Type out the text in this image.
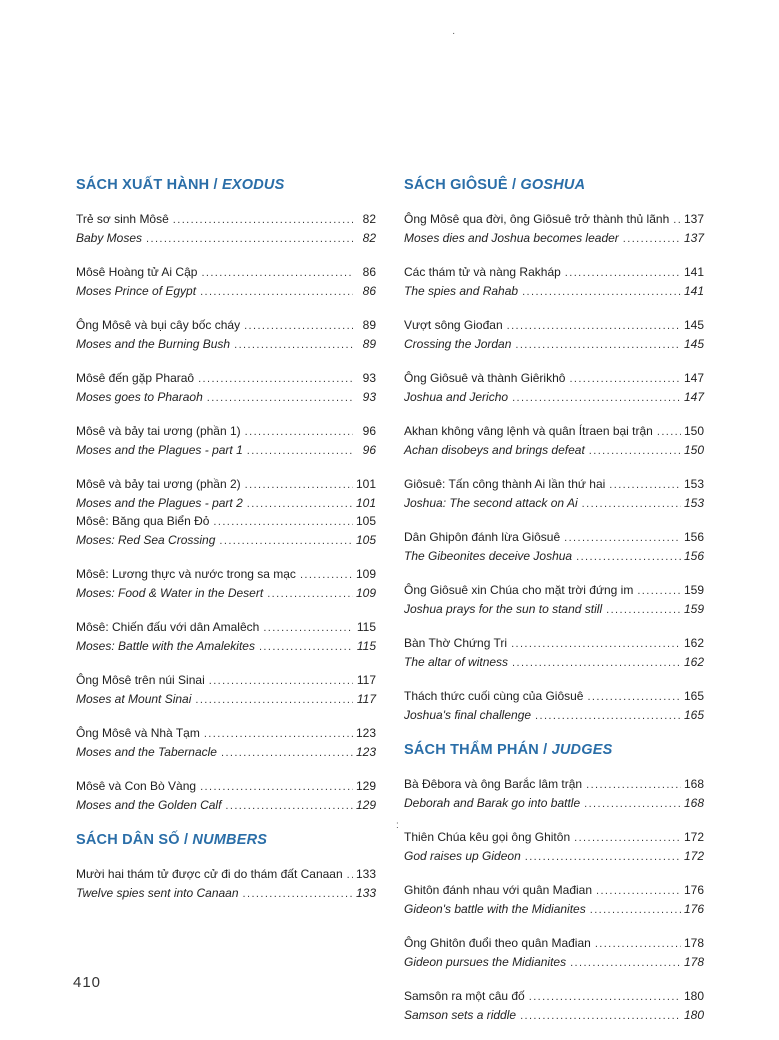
SÁCH XUẤT HÀNH / EXODUS
Trẻ sơ sinh Môsê .....	82
Baby Moses .....	82
Môsê Hoàng tử Ai Cập .....	86
Moses Prince of Egypt .....	86
Ông Môsê và bụi cây bốc cháy .....	89
Moses and the Burning Bush .....	89
Môsê đến gặp Pharaô .....	93
Moses goes to Pharaoh .....	93
Môsê và bảy tai ương (phần 1) .....	96
Moses and the Plagues - part 1 .....	96
Môsê và bảy tai ương (phần 2) .....	101
Moses and the Plagues - part 2 .....	101
Môsê: Băng qua Biển Đỏ .....	105
Moses: Red Sea Crossing .....	105
Môsê: Lương thực và nước trong sa mạc .....	109
Moses: Food & Water in the Desert .....	109
Môsê: Chiến đấu với dân Amalêch .....	115
Moses: Battle with the Amalekites .....	115
Ông Môsê trên núi Sinai .....	117
Moses at Mount Sinai .....	117
Ông Môsê và Nhà Tạm .....	123
Moses and the Tabernacle .....	123
Môsê và Con Bò Vàng .....	129
Moses and the Golden Calf .....	129
SÁCH DÂN SỐ / NUMBERS
Mười hai thám tử được cử đi do thám đất Canaan ..... 133
Twelve spies sent into Canaan .....	133
SÁCH GIÔSUÊ / GOSHUA
Ông Môsê qua đời, ông Giôsuê trở thành thủ lãnh ..... 137
Moses dies and Joshua becomes leader .....	137
Các thám tử và nàng Rakháp .....	141
The spies and Rahab .....	141
Vượt sông Giođan .....	145
Crossing the Jordan .....	145
Ông Giôsuê và thành Giêrikhô .....	147
Joshua and Jericho .....	147
Akhan không vâng lệnh và quân Ítraen bại trận .....	150
Achan disobeys and brings defeat .....	150
Giôsuê: Tấn công thành Ai lần thứ hai .....	153
Joshua: The second attack on Ai .....	153
Dân Ghipôn đánh lừa Giôsuê .....	156
The Gibeonites deceive Joshua .....	156
Ông Giôsuê xin Chúa cho mặt trời đứng im .....	159
Joshua prays for the sun to stand still .....	159
Bàn Thờ Chứng Tri .....	162
The altar of witness .....	162
Thách thức cuối cùng của Giôsuê .....	165
Joshua's final challenge .....	165
SÁCH THẨM PHÁN / JUDGES
Bà Đêbora và ông Barắc lâm trận .....	168
Deborah and Barak go into battle .....	168
Thiên Chúa kêu gọi ông Ghitôn .....	172
God raises up Gideon .....	172
Ghitôn đánh nhau với quân Mađian .....	176
Gideon's battle with the Midianites .....	176
Ông Ghitôn đuổi theo quân Mađian .....	178
Gideon pursues the Midianites .....	178
Samsôn ra một câu đố .....	180
Samson sets a riddle .....	180
410
·
:
